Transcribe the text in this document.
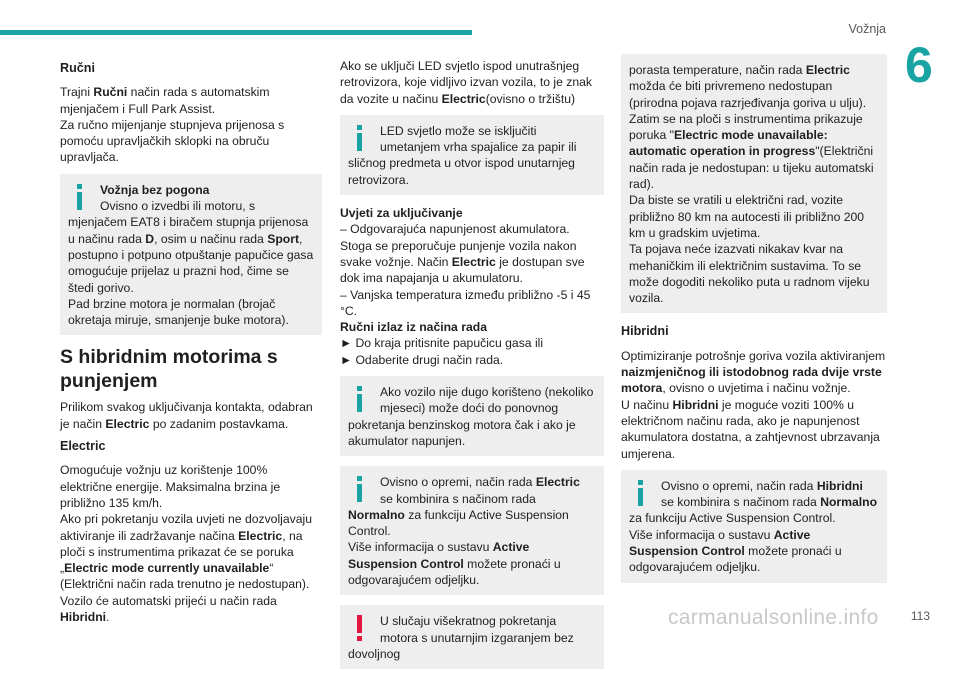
Vožnja
6
Ručni

Trajni Ručni način rada s automatskim mjenjačem i Full Park Assist.

Za ručno mijenjanje stupnjeva prijenosa s pomoću upravljačkih sklopki na obruču upravljača.

Vožnja bez pogona
Ovisno o izvedbi ili motoru, s mjenjačem EAT8 i biračem stupnja prijenosa u načinu rada D, osim u načinu rada Sport, postupno i potpuno otpuštanje papučice gasa omogućuje prijelaz u prazni hod, čime se štedi gorivo.
Pad brzine motora je normalan (brojač okretaja miruje, smanjenje buke motora).
S hibridnim motorima s punjenjem

Prilikom svakog uključivanja kontakta, odabran je način Electric po zadanim postavkama.

Electric

Omogućuje vožnju uz korištenje 100% električne energije. Maksimalna brzina je približno 135 km/h.

Ako pri pokretanju vozila uvjeti ne dozvoljavaju aktiviranje ili zadržavanje načina Electric, na ploči s instrumentima prikazat će se poruka „Electric mode currently unavailable“ (Električni način rada trenutno je nedostupan).

Vozilo će automatski prijeći u način rada Hibridni.

Ako se uključi LED svjetlo ispod unutrašnjeg retrovizora, koje vidljivo izvan vozila, to je znak da vozite u načinu Electric(ovisno o tržištu)

LED svjetlo može se isključiti umetanjem vrha spajalice za papir ili sličnog predmeta u otvor ispod unutarnjeg retrovizora.
Uvjeti za uključivanje
– Odgovarajuća napunjenost akumulatora.
Stoga se preporučuje punjenje vozila nakon svake vožnje. Način Electric je dostupan sve dok ima napajanja u akumulatoru.
– Vanjska temperatura između približno -5 i 45 °C.
Ručni izlaz iz načina rada
► Do kraja pritisnite papučicu gasa ili
► Odaberite drugi način rada.
Ako vozilo nije dugo korišteno (nekoliko mjeseci) može doći do ponovnog pokretanja benzinskog motora čak i ako je akumulator napunjen.
Ovisno o opremi, način rada Electric se kombinira s načinom rada Normalno za funkciju Active Suspension Control.
Više informacija o sustavu Active Suspension Control možete pronaći u odgovarajućem odjeljku.
U slučaju višekratnog pokretanja motora s unutarnjim izgaranjem bez dovoljnog
porasta temperature, način rada Electric možda će biti privremeno nedostupan (prirodna pojava razrjeđivanja goriva u ulju).
Zatim se na ploči s instrumentima prikazuje poruka "Electric mode unavailable: automatic operation in progress"(Električni način rada je nedostupan: u tijeku automatski rad).
Da biste se vratili u električni rad, vozite približno 80 km na autocesti ili približno 200 km u gradskim uvjetima.
Ta pojava neće izazvati nikakav kvar na mehaničkim ili električnim sustavima. To se može dogoditi nekoliko puta u radnom vijeku vozila.
Hibridni

Optimiziranje potrošnje goriva vozila aktiviranjem naizmjeničnog ili istodobnog rada dvije vrste motora, ovisno o uvjetima i načinu vožnje.

U načinu Hibridni je moguće voziti 100% u električnom načinu rada, ako je napunjenost akumulatora dostatna, a zahtjevnost ubrzavanja umjerena.

Ovisno o opremi, način rada Hibridni se kombinira s načinom rada Normalno za funkciju Active Suspension Control.
Više informacija o sustavu Active Suspension Control možete pronaći u odgovarajućem odjeljku.
carmanualsonline.info	113
